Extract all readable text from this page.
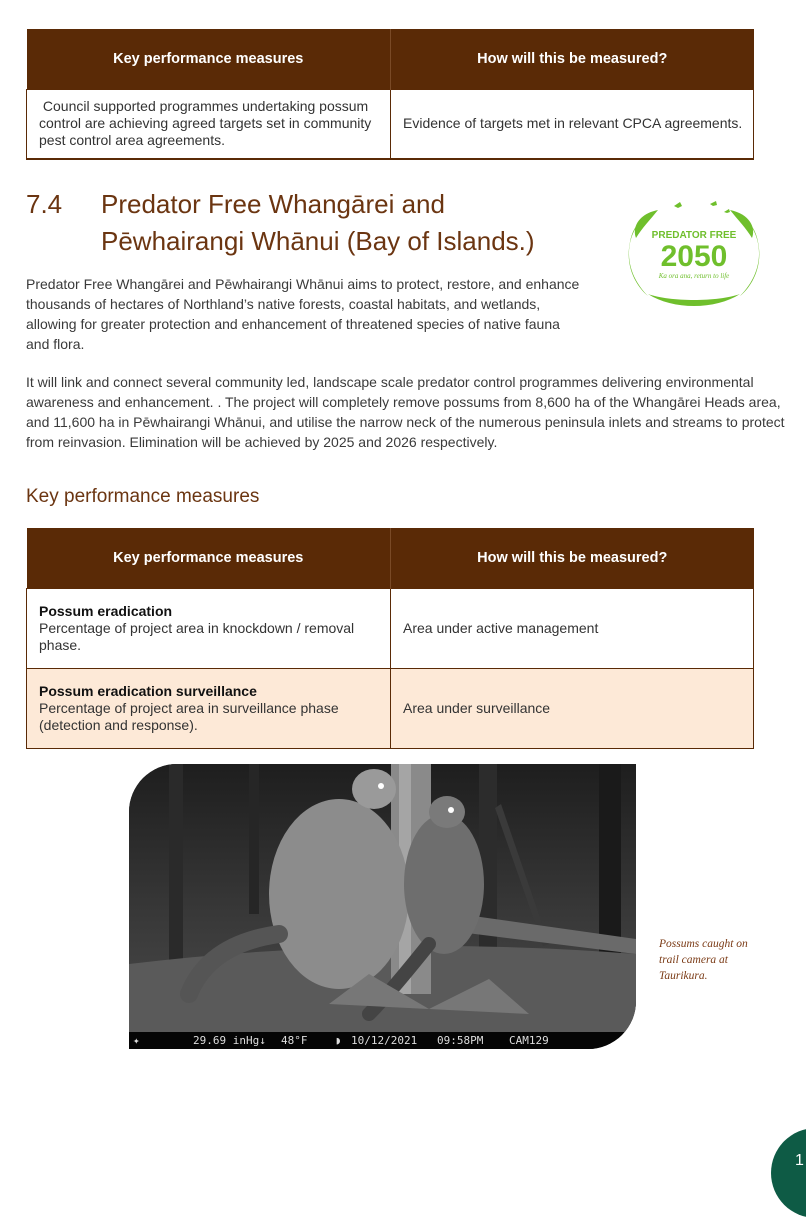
Key performance measures	How will this be measured?
Council supported programmes undertaking possum control are achieving agreed targets set in community pest control area agreements.	Evidence of targets met in relevant CPCA agreements.
7.4	Predator Free Whangārei and
Pēwhairangi Whānui (Bay of Islands.)	PREDATOR FREE
2050
Ka ora ana, return to life

Predator Free Whangārei and Pēwhairangi Whānui aims to protect, restore, and enhance thousands of hectares of Northland’s native forests, coastal habitats, and wetlands, allowing for greater protection and enhancement of threatened species of native fauna and flora.

It will link and connect several community led, landscape scale predator control programmes delivering environmental awareness and enhancement. . The project will completely remove possums from 8,600 ha of the Whangārei Heads area, and 11,600 ha in Pēwhairangi Whānui, and utilise the narrow neck of the numerous peninsula inlets and streams to protect from reinvasion. Elimination will be achieved by 2025 and 2026 respectively.

Key performance measures
Key performance measures	How will this be measured?

Possum eradication
Percentage of project area in knockdown / removal phase.	Area under active management

Possum eradication surveillance
Percentage of project area in surveillance phase (detection and response).	Area under surveillance
✦	29.69 inHg↓ 48°F	◗ 10/12/2021 09:58PM CAM129
Possums caught on trail camera at Taurikura.
1
